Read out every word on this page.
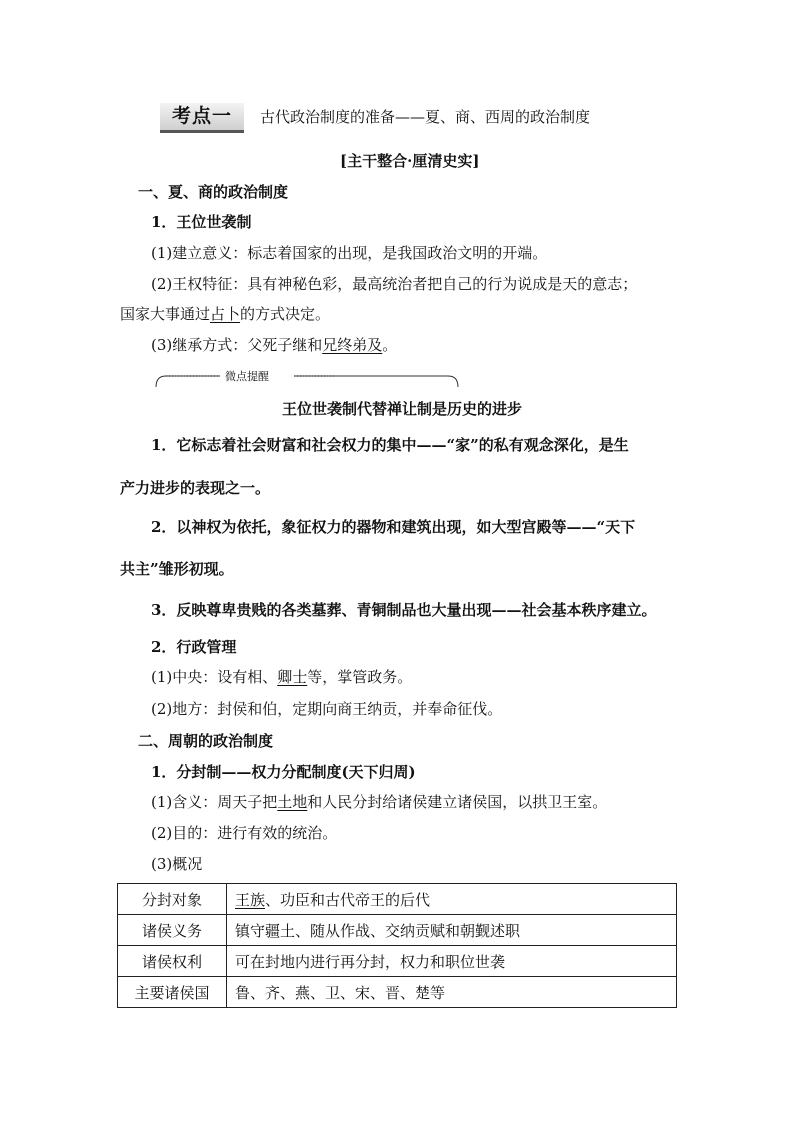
考点一	古代政治制度的准备——夏、商、西周的政治制度
[主干整合·厘清史实]
一、夏、商的政治制度
1．王位世袭制
(1)建立意义：标志着国家的出现，是我国政治文明的开端。
(2)王权特征：具有神秘色彩，最高统治者把自己的行为说成是天的意志；
国家大事通过占卜的方式决定。
(3)继承方式：父死子继和兄终弟及。
微点提醒
王位世袭制代替禅让制是历史的进步
1．它标志着社会财富和社会权力的集中——“家”的私有观念深化，是生
产力进步的表现之一。
2．以神权为依托，象征权力的器物和建筑出现，如大型宫殿等——“天下
共主”雏形初现。
3．反映尊卑贵贱的各类墓葬、青铜制品也大量出现——社会基本秩序建立。
2．行政管理
(1)中央：设有相、卿士等，掌管政务。
(2)地方：封侯和伯，定期向商王纳贡，并奉命征伐。
二、周朝的政治制度
1．分封制——权力分配制度(天下归周)
(1)含义：周天子把土地和人民分封给诸侯建立诸侯国，以拱卫王室。
(2)目的：进行有效的统治。
(3)概况
分封对象	王族、功臣和古代帝王的后代
诸侯义务	镇守疆土、随从作战、交纳贡赋和朝觐述职
诸侯权利	可在封地内进行再分封，权力和职位世袭
主要诸侯国	鲁、齐、燕、卫、宋、晋、楚等
